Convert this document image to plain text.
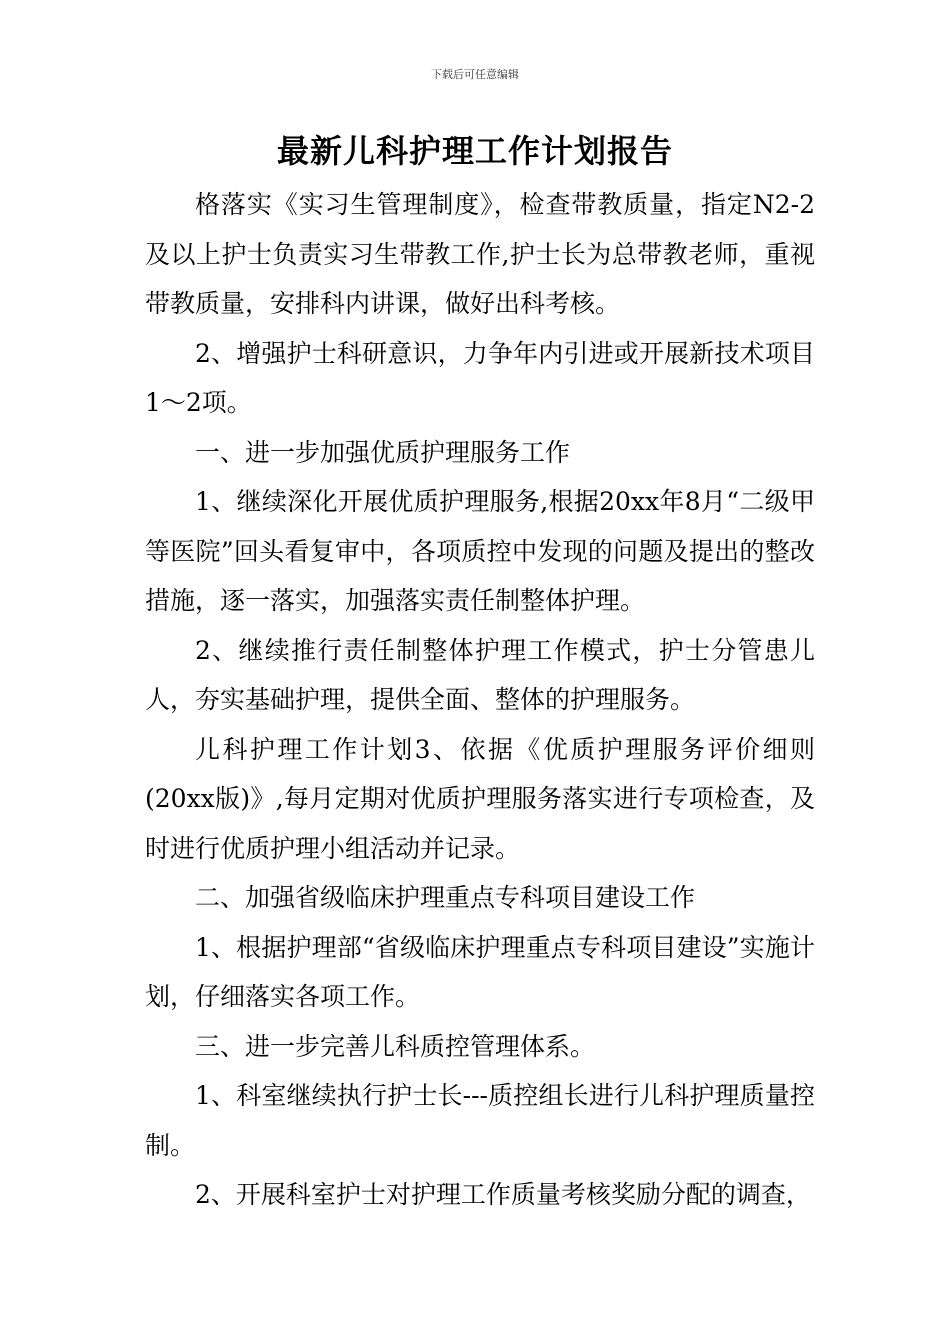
下载后可任意编辑
最新儿科护理工作计划报告

格落实《实习生管理制度》，检查带教质量，指定N2-2及以上护士负责实习生带教工作,护士长为总带教老师，重视带教质量，安排科内讲课，做好出科考核。

2、增强护士科研意识，力争年内引进或开展新技术项目1～2项。

一、进一步加强优质护理服务工作

1、继续深化开展优质护理服务,根据20xx年8月“二级甲等医院”回头看复审中，各项质控中发现的问题及提出的整改措施，逐一落实，加强落实责任制整体护理。

2、继续推行责任制整体护理工作模式，护士分管患儿人，夯实基础护理，提供全面、整体的护理服务。

儿科护理工作计划3、依据《优质护理服务评价细则(20xx版)》,每月定期对优质护理服务落实进行专项检查，及时进行优质护理小组活动并记录。

二、加强省级临床护理重点专科项目建设工作

1、根据护理部“省级临床护理重点专科项目建设”实施计划，仔细落实各项工作。

三、进一步完善儿科质控管理体系。

1、科室继续执行护士长---质控组长进行儿科护理质量控制。

2、开展科室护士对护理工作质量考核奖励分配的调查，
